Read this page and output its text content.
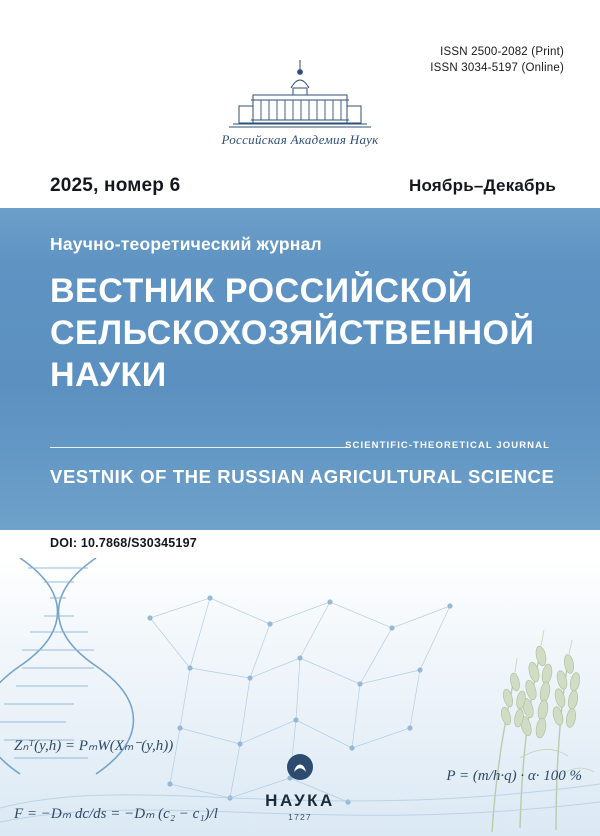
ISSN 2500-2082 (Print)
ISSN 3034-5197 (Online)
Российская Академия Наук
2025, номер 6	Ноябрь–Декабрь
Научно-теоретический журнал
ВЕСТНИК РОССИЙСКОЙ СЕЛЬСКОХОЗЯЙСТВЕННОЙ НАУКИ
SCIENTIFIC-THEORETICAL JOURNAL
VESTNIK OF THE RUSSIAN AGRICULTURAL SCIENCE
DOI: 10.7868/S30345197
Zₙᵀ(y,h) = PₘW(Xₘ⁻(y,h))
F = −Dₘ dc/ds = −Dₘ (c₂ − c₁)/l
P = (m/h·q) · α· 100 %
НАУКА
1727
